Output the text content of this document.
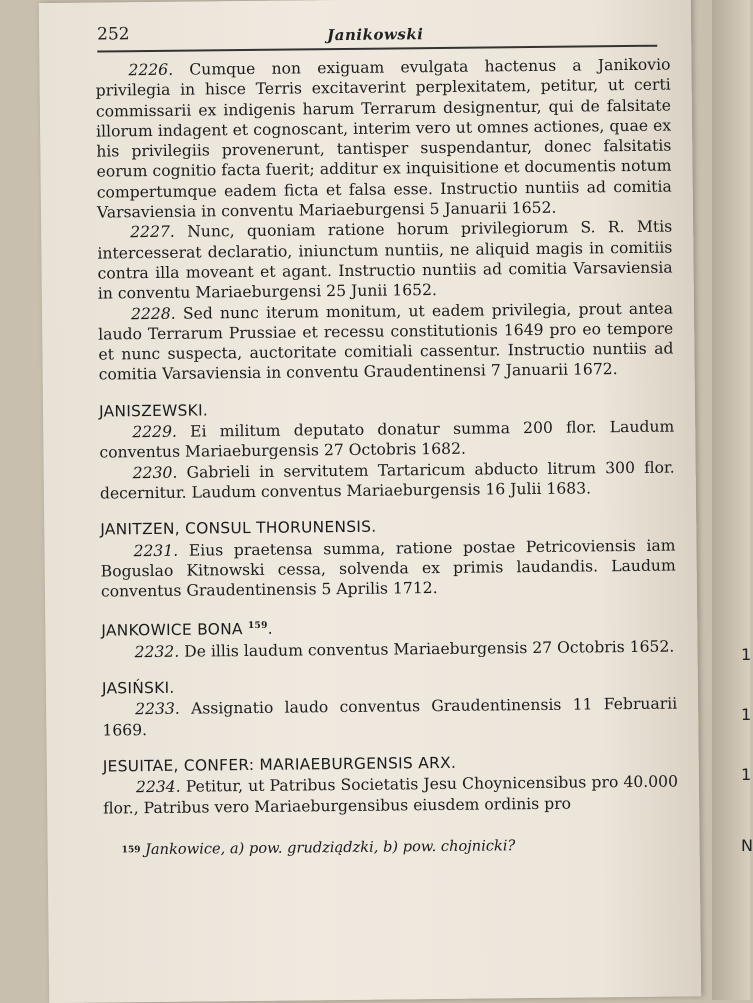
1
1
1
N
252	Janikowski

2226. Cumque non exiguam evulgata hactenus a Janikovio privilegia in hisce Terris excitaverint perplexitatem, petitur, ut certi commissarii ex indigenis harum Terrarum designentur, qui de falsitate illorum indagent et cognoscant, interim vero ut omnes actiones, quae ex his privilegiis provenerunt, tantisper suspendantur, donec falsitatis eorum cognitio facta fuerit; additur ex inquisitione et documentis notum compertumque eadem ficta et falsa esse. Instructio nuntiis ad comitia Varsaviensia in conventu Mariaeburgensi 5 Januarii 1652.

2227. Nunc, quoniam ratione horum privilegiorum S. R. Mtis intercesserat declaratio, iniunctum nuntiis, ne aliquid magis in comitiis contra illa moveant et agant. Instructio nuntiis ad comitia Varsaviensia in conventu Mariaeburgensi 25 Junii 1652.

2228. Sed nunc iterum monitum, ut eadem privilegia, prout antea laudo Terrarum Prussiae et recessu constitutionis 1649 pro eo tempore et nunc suspecta, auctoritate comitiali cassentur. Instructio nuntiis ad comitia Varsaviensia in conventu Graudentinensi 7 Januarii 1672.

JANISZEWSKI.

2229. Ei militum deputato donatur summa 200 flor. Laudum conventus Mariaeburgensis 27 Octobris 1682.

2230. Gabrieli in servitutem Tartaricum abducto litrum 300 flor. decernitur. Laudum conventus Mariaeburgensis 16 Julii 1683.

JANITZEN, CONSUL THORUNENSIS.

2231. Eius praetensa summa, ratione postae Petricoviensis iam Boguslao Kitnowski cessa, solvenda ex primis laudandis. Laudum conventus Graudentinensis 5 Aprilis 1712.

JANKOWICE BONA $^{159}$.

2232. De illis laudum conventus Mariaeburgensis 27 Octobris 1652.

JASIŃSKI.

2233. Assignatio laudo conventus Graudentinensis 11 Februarii 1669.

JESUITAE, CONFER: MARIAEBURGENSIS ARX.

2234. Petitur, ut Patribus Societatis Jesu Choynicensibus pro 40.000 flor., Patribus vero Mariaeburgensibus eiusdem ordinis pro

159 Jankowice, a) pow. grudziądzki, b) pow. chojnicki?
